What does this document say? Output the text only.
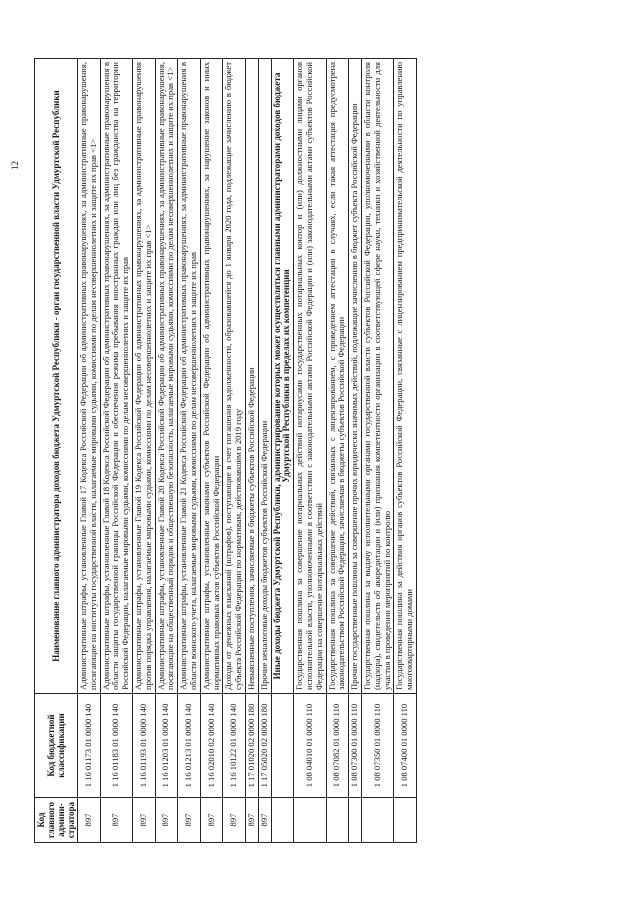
12
Код главного админи-стратора	Код бюджетной классификации	Наименование главного администратора доходов бюджета Удмуртской Республики - орган государственной власти Удмуртской Республики
897	1 16 01173 01 0000 140	Административные штрафы, установленные Главой 17 Кодекса Российской Федерации об административных правонарушениях, за административные правонарушения, посягающие на институты государственной власти, налагаемые мировыми судьями, комиссиями по делам несовершеннолетних и защите их прав <1>
897	1 16 01183 01 0000 140	Административные штрафы, установленные Главой 18 Кодекса Российской Федерации об административных правонарушениях, за административные правонарушения в области защиты государственной границы Российской Федерации и обеспечения режима пребывания иностранных граждан или лиц без гражданства на территории Российской Федерации, налагаемые мировыми судьями, комиссиями по делам несовершеннолетних и защите их прав
897	1 16 01193 01 0000 140	Административные штрафы, установленные Главой 19 Кодекса Российской Федерации об административных правонарушениях, за административные правонарушения против порядка управления, налагаемые мировыми судьями, комиссиями по делам несовершеннолетних и защите их прав <1>
897	1 16 01203 01 0000 140	Административные штрафы, установленные Главой 20 Кодекса Российской Федерации об административных правонарушениях, за административные правонарушения, посягающие на общественный порядок и общественную безопасность, налагаемые мировыми судьями, комиссиями по делам несовершеннолетних и защите их прав <1>
897	1 16 01213 01 0000 140	Административные штрафы, установленные Главой 21 Кодекса Российской Федерации об административных правонарушениях, за административные правонарушения в области воинского учета, налагаемые мировыми судьями, комиссиями по делам несовершеннолетних и защите их прав
897	1 16 02010 02 0000 140	Административные штрафы, установленные законами субъектов Российской Федерации об административных правонарушениях, за нарушение законов и иных нормативных правовых актов субъектов Российской Федерации
897	1 16 10122 01 0000 140	Доходы от денежных взысканий (штрафов), поступающие в счет погашения задолженности, образовавшейся до 1 января 2020 года, подлежащие зачислению в бюджет субъекта Российской Федерации по нормативам, действовавшим в 2019 году
897	1 17 01020 02 0000 180	Невыясненные поступления, зачисляемые в бюджеты субъектов Российской Федерации
897	1 17 05020 02 0000 180	Прочие неналоговые доходы бюджетов субъектов Российской Федерации
		Иные доходы бюджета Удмуртской Республики, администрирование которых может осуществляться главными администраторами доходов бюджета Удмуртской Республики в пределах их компетенции
	1 08 04010 01 0000 110	Государственная пошлина за совершение нотариальных действий нотариусами государственных нотариальных контор и (или) должностными лицами органов исполнительной власти, уполномоченными в соответствии с законодательными актами Российской Федерации и (или) законодательными актами субъектов Российской Федерации на совершение нотариальных действий
	1 08 07082 01 0000 110	Государственная пошлина за совершение действий, связанных с лицензированием, с проведением аттестации в случаях, если такая аттестация предусмотрена законодательством Российской Федерации, зачисляемая в бюджеты субъектов Российской Федерации
	1 08 07300 01 0000 110	Прочие государственные пошлины за совершение прочих юридически значимых действий, подлежащие зачислению в бюджет субъекта Российской Федерации
	1 08 07350 01 0000 110	Государственная пошлина за выдачу исполнительными органами государственной власти субъектов Российской Федерации, уполномоченными в области контроля (надзора), свидетельств об аккредитации и (или) признания компетентности организации в соответствующей сфере науки, техники и хозяйственной деятельности для участия в проведении мероприятий по контролю
	1 08 07400 01 0000 110	Государственная пошлина за действия органов субъектов Российской Федерации, связанные с лицензированием предпринимательской деятельности по управлению многоквартирными домами
